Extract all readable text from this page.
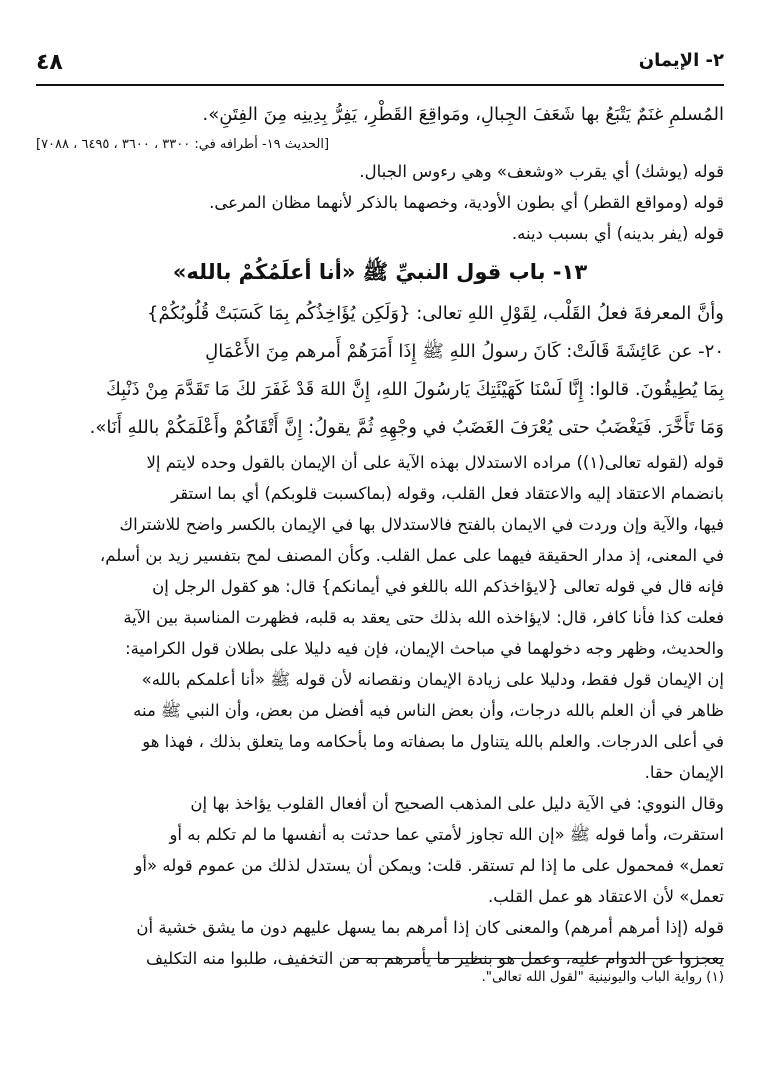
٤٨	٢- الإيمان

المُسلمِ غنَمٌ يَتْبَعُ بها شَعَفَ الجِبالِ، ومَواقِعَ القَطْرِ، يَفِرُّ بِدِينِه مِنَ الفِتَنِ».

[الحديث ١٩- أطرافه في: ٣٣٠٠ ، ٣٦٠٠ ، ٦٤٩٥ ، ٧٠٨٨]

قوله (يوشك) أي يقرب «وشعف» وهي رءوس الجبال.

قوله (ومواقع القطر) أي بطون الأودية، وخصهما بالذكر لأنهما مظان المرعى.

قوله (يفر بدينه) أي بسبب دينه.

١٣- باب قول النبيِّ ﷺ «أنا أعلَمُكُمْ بالله»

وأنَّ المعرفةَ فعلُ القَلْب، لِقَوْلِ اللهِ تعالى: {وَلَكِن يُؤَاخِذُكُم بِمَا كَسَبَتْ قُلُوبُكُمْ}

٢٠- عن عَائِشَةَ قَالَتْ: كَانَ رسولُ اللهِ ﷺ إِذَا أَمَرَهُمْ أَمرهم مِنَ الأَعْمَالِ

بِمَا يُطِيقُونَ. قالوا: إِنَّا لَسْنَا كَهَيْئَتِكَ يَارسُولَ اللهِ، إِنَّ اللهَ قَدْ غَفَرَ لكَ مَا تَقَدَّمَ مِنْ ذَنْبِكَ

وَمَا تَأَخَّرَ. فَيَغْضَبُ حتى يُعْرَفَ الغَضَبُ في وجْهِهِ ثُمَّ يقولُ: إِنَّ أَتْقَاكُمْ وأَعْلَمَكُمْ باللهِ أَنَا».

قوله (لقوله تعالى(١)) مراده الاستدلال بهذه الآية على أن الإيمان بالقول وحده لايتم إلا

بانضمام الاعتقاد إليه والاعتقاد فعل القلب، وقوله (بماكسبت قلوبكم) أي بما استقر

فيها، والآية وإن وردت في الايمان بالفتح فالاستدلال بها في الإيمان بالكسر واضح للاشتراك

في المعنى، إذ مدار الحقيقة فيهما على عمل القلب. وكأن المصنف لمح بتفسير زيد بن أسلم،

فإنه قال في قوله تعالى {لايؤاخذكم الله باللغو في أيمانكم} قال: هو كقول الرجل إن

فعلت كذا فأنا كافر، قال: لايؤاخذه الله بذلك حتى يعقد به قلبه، فظهرت المناسبة بين الآية

والحديث، وظهر وجه دخولهما في مباحث الإيمان، فإن فيه دليلا على بطلان قول الكرامية:

إن الإيمان قول فقط، ودليلا على زيادة الإيمان ونقصانه لأن قوله ﷺ «أنا أعلمكم بالله»

ظاهر في أن العلم بالله درجات، وأن بعض الناس فيه أفضل من بعض، وأن النبي ﷺ منه

في أعلى الدرجات. والعلم بالله يتناول ما بصفاته وما بأحكامه وما يتعلق بذلك ، فهذا هو

الإيمان حقا.

وقال النووي: في الآية دليل على المذهب الصحيح أن أفعال القلوب يؤاخذ بها إن

استقرت، وأما قوله ﷺ «إن الله تجاوز لأمتي عما حدثت به أنفسها ما لم تكلم به أو

تعمل» فمحمول على ما إذا لم تستقر. قلت: ويمكن أن يستدل لذلك من عموم قوله «أو

تعمل» لأن الاعتقاد هو عمل القلب.

قوله (إذا أمرهم أمرهم) والمعنى كان إذا أمرهم بما يسهل عليهم دون ما يشق خشية أن

يعجزوا عن الدوام عليه، وعمل هو بنظير ما يأمرهم به من التخفيف، طلبوا منه التكليف

(١) رواية الباب واليونينية "لقول الله تعالى".
